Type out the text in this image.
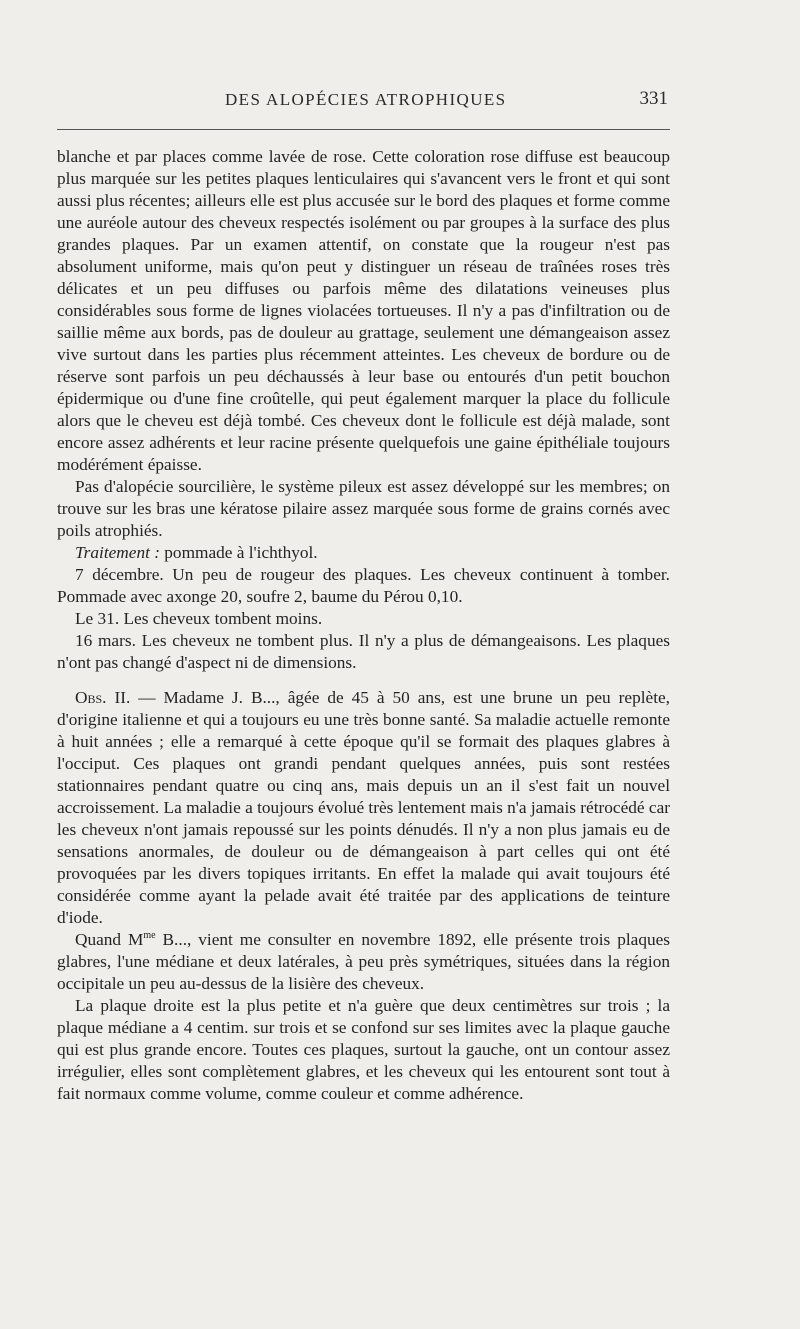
DES ALOPÉCIES ATROPHIQUES	331

blanche et par places comme lavée de rose. Cette coloration rose diffuse est beaucoup plus marquée sur les petites plaques lenticulaires qui s'avancent vers le front et qui sont aussi plus récentes; ailleurs elle est plus accusée sur le bord des plaques et forme comme une auréole autour des cheveux respectés isolément ou par groupes à la surface des plus grandes plaques. Par un examen attentif, on constate que la rougeur n'est pas absolument uniforme, mais qu'on peut y distinguer un réseau de traînées roses très délicates et un peu diffuses ou parfois même des dilatations veineuses plus considérables sous forme de lignes violacées tortueuses. Il n'y a pas d'infiltration ou de saillie même aux bords, pas de douleur au grattage, seulement une démangeaison assez vive surtout dans les parties plus récemment atteintes. Les cheveux de bordure ou de réserve sont parfois un peu déchaussés à leur base ou entourés d'un petit bouchon épidermique ou d'une fine croûtelle, qui peut également marquer la place du follicule alors que le cheveu est déjà tombé. Ces cheveux dont le follicule est déjà malade, sont encore assez adhérents et leur racine présente quelquefois une gaine épithéliale toujours modérément épaisse.

Pas d'alopécie sourcilière, le système pileux est assez développé sur les membres; on trouve sur les bras une kératose pilaire assez marquée sous forme de grains cornés avec poils atrophiés.

Traitement : pommade à l'ichthyol.

7 décembre. Un peu de rougeur des plaques. Les cheveux continuent à tomber. Pommade avec axonge 20, soufre 2, baume du Pérou 0,10.

Le 31. Les cheveux tombent moins.

16 mars. Les cheveux ne tombent plus. Il n'y a plus de démangeaisons. Les plaques n'ont pas changé d'aspect ni de dimensions.

Obs. II. — Madame J. B..., âgée de 45 à 50 ans, est une brune un peu replète, d'origine italienne et qui a toujours eu une très bonne santé. Sa maladie actuelle remonte à huit années ; elle a remarqué à cette époque qu'il se formait des plaques glabres à l'occiput. Ces plaques ont grandi pendant quelques années, puis sont restées stationnaires pendant quatre ou cinq ans, mais depuis un an il s'est fait un nouvel accroissement. La maladie a toujours évolué très lentement mais n'a jamais rétrocédé car les cheveux n'ont jamais repoussé sur les points dénudés. Il n'y a non plus jamais eu de sensations anormales, de douleur ou de démangeaison à part celles qui ont été provoquées par les divers topiques irritants. En effet la malade qui avait toujours été considérée comme ayant la pelade avait été traitée par des applications de teinture d'iode.

Quand $M^{me}$ B..., vient me consulter en novembre 1892, elle présente trois plaques glabres, l'une médiane et deux latérales, à peu près symétriques, situées dans la région occipitale un peu au-dessus de la lisière des cheveux.

La plaque droite est la plus petite et n'a guère que deux centimètres sur trois ; la plaque médiane a 4 centim. sur trois et se confond sur ses limites avec la plaque gauche qui est plus grande encore. Toutes ces plaques, surtout la gauche, ont un contour assez irrégulier, elles sont complètement glabres, et les cheveux qui les entourent sont tout à fait normaux comme volume, comme couleur et comme adhérence.
